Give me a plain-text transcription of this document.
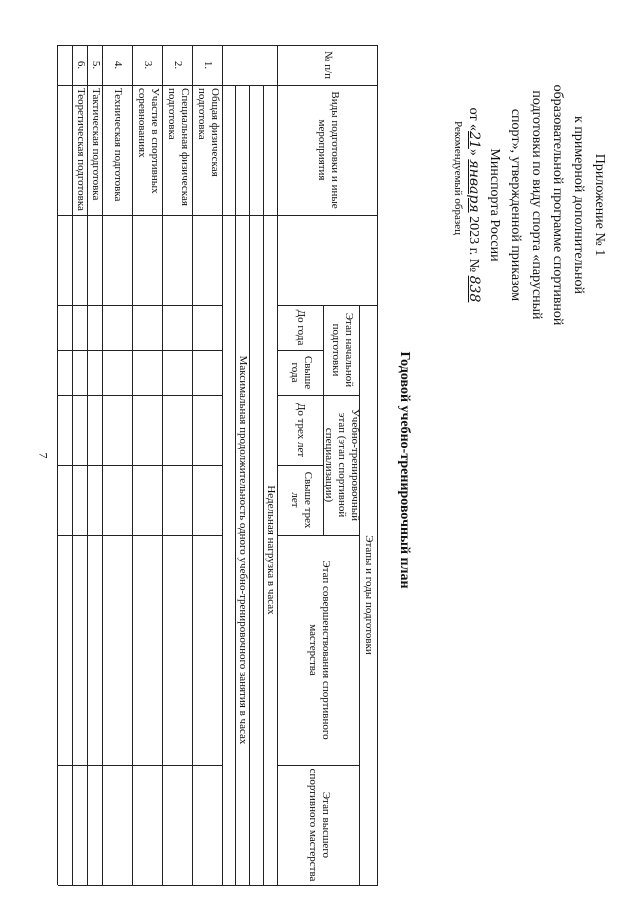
7
Приложение № 1
к примерной дополнительной
образовательной программе спортивной
подготовки по виду спорта «парусный
спорт», утвержденной приказом
Минспорта России
от «21» января 2023 г. № 838
Рекомендуемый образец
Годовой учебно-тренировочный план
№ п/п
Виды подготовки и иные мероприятия
Этапы и годы подготовки
Этап начальной подготовки
Учебно-тренировочный этап (этап спортивной специализации)
Этап совершенствования спортивного мастерства
Этап высшего спортивного мастерства
До года
Свыше года
До трех лет
Свыше трех лет
Недельная нагрузка в часах
Максимальная продолжительность одного учебно-тренировочного занятия в часах
1.
Общая физическая подготовка
2.
Специальная физическая подготовка
3.
Участие в спортивных соревнованиях
4.
Техническая подготовка
5.
Тактическая подготовка
6.
Теоретическая подготовка
